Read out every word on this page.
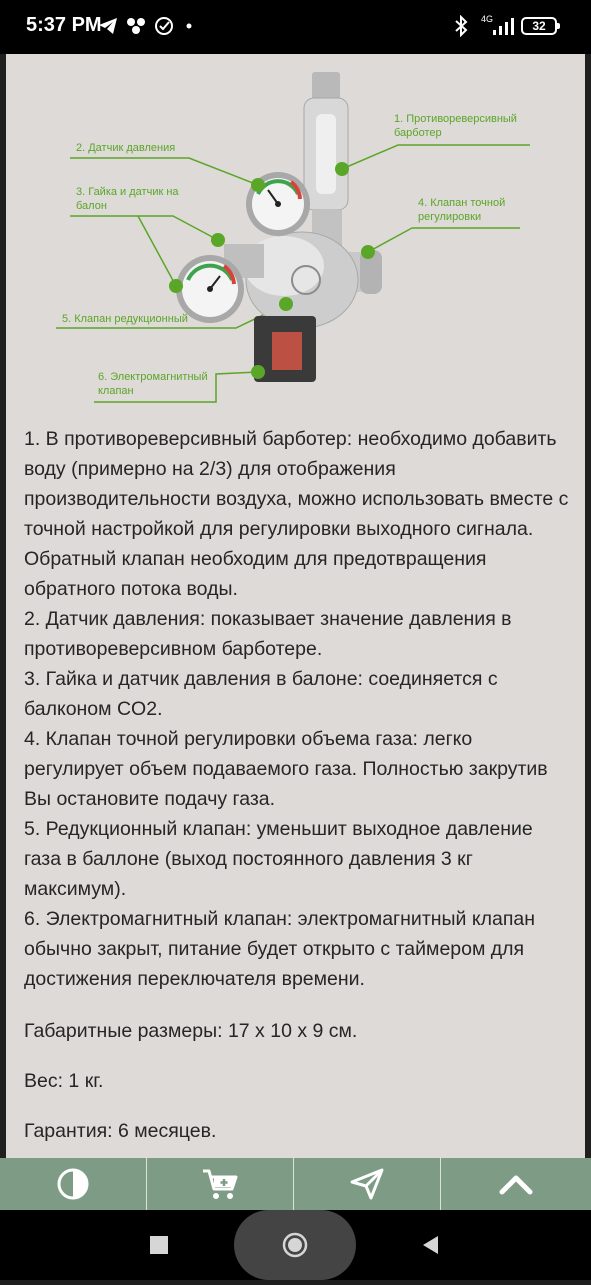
5:37 PM	4G	32
1. Противореверсивный барботер
2. Датчик давления
3. Гайка и датчик на балон	4. Клапан точной регулировки
5. Клапан редукционный
6. Электромагнитный клапан

1. В противореверсивный барботер: необходимо добавить воду (примерно на 2/3) для отображения производительности воздуха, можно использовать вместе с точной настройкой для регулировки выходного сигнала. Обратный клапан необходим для предотвращения обратного потока воды.

2. Датчик давления: показывает значение давления в противореверсивном барботере.

3. Гайка и датчик давления в балоне: соединяется с балконом CO2.

4. Клапан точной регулировки объема газа: легко регулирует объем подаваемого газа. Полностью закрутив Вы остановите подачу газа.

5. Редукционный клапан: уменьшит выходное давление газа в баллоне (выход постоянного давления 3 кг максимум).

6. Электромагнитный клапан: электромагнитный клапан обычно закрыт, питание будет открыто с таймером для достижения переключателя времени.

Габаритные размеры: 17 х 10 х 9 см.
Вес: 1 кг.
Гарантия: 6 месяцев.
